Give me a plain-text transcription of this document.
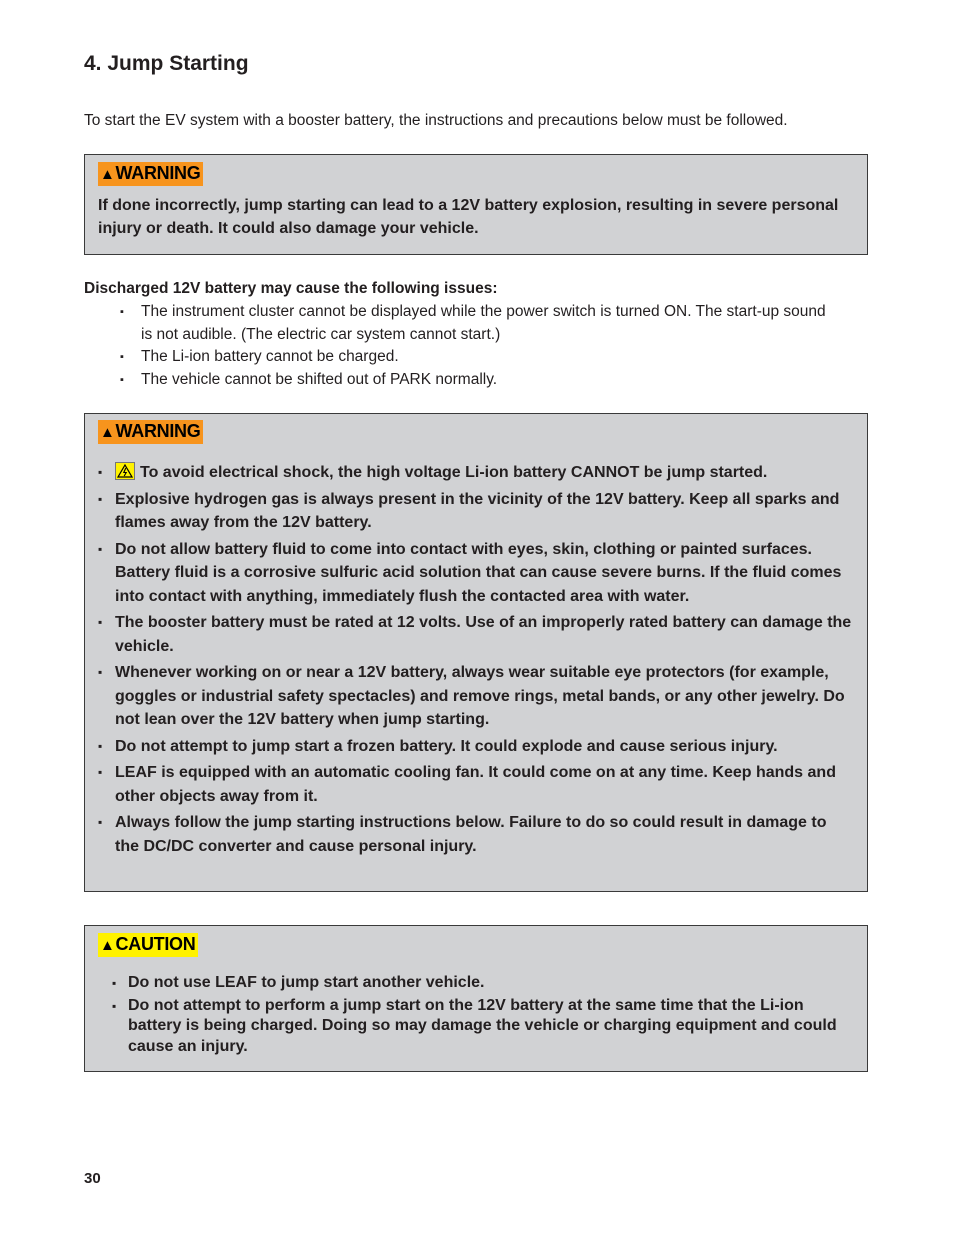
4. Jump Starting

To start the EV system with a booster battery, the instructions and precautions below must be followed.

▲WARNING

If done incorrectly, jump starting can lead to a 12V battery explosion, resulting in severe personal injury or death. It could also damage your vehicle.

Discharged 12V battery may cause the following issues:

▪ The instrument cluster cannot be displayed while the power switch is turned ON. The start-up sound is not audible. (The electric car system cannot start.)
▪ The Li-ion battery cannot be charged.
▪ The vehicle cannot be shifted out of PARK normally.
▲WARNING
▪ To avoid electrical shock, the high voltage Li-ion battery CANNOT be jump started.
▪ Explosive hydrogen gas is always present in the vicinity of the 12V battery. Keep all sparks and flames away from the 12V battery.
▪ Do not allow battery fluid to come into contact with eyes, skin, clothing or painted surfaces. Battery fluid is a corrosive sulfuric acid solution that can cause severe burns. If the fluid comes into contact with anything, immediately flush the contacted area with water.
▪ The booster battery must be rated at 12 volts. Use of an improperly rated battery can damage the vehicle.
▪ Whenever working on or near a 12V battery, always wear suitable eye protectors (for example, goggles or industrial safety spectacles) and remove rings, metal bands, or any other jewelry. Do not lean over the 12V battery when jump starting.
▪ Do not attempt to jump start a frozen battery. It could explode and cause serious injury.
▪ LEAF is equipped with an automatic cooling fan. It could come on at any time. Keep hands and other objects away from it.
▪ Always follow the jump starting instructions below. Failure to do so could result in damage to the DC/DC converter and cause personal injury.
▲CAUTION
▪ Do not use LEAF to jump start another vehicle.
▪ Do not attempt to perform a jump start on the 12V battery at the same time that the Li-ion battery is being charged. Doing so may damage the vehicle or charging equipment and could cause an injury.

30
